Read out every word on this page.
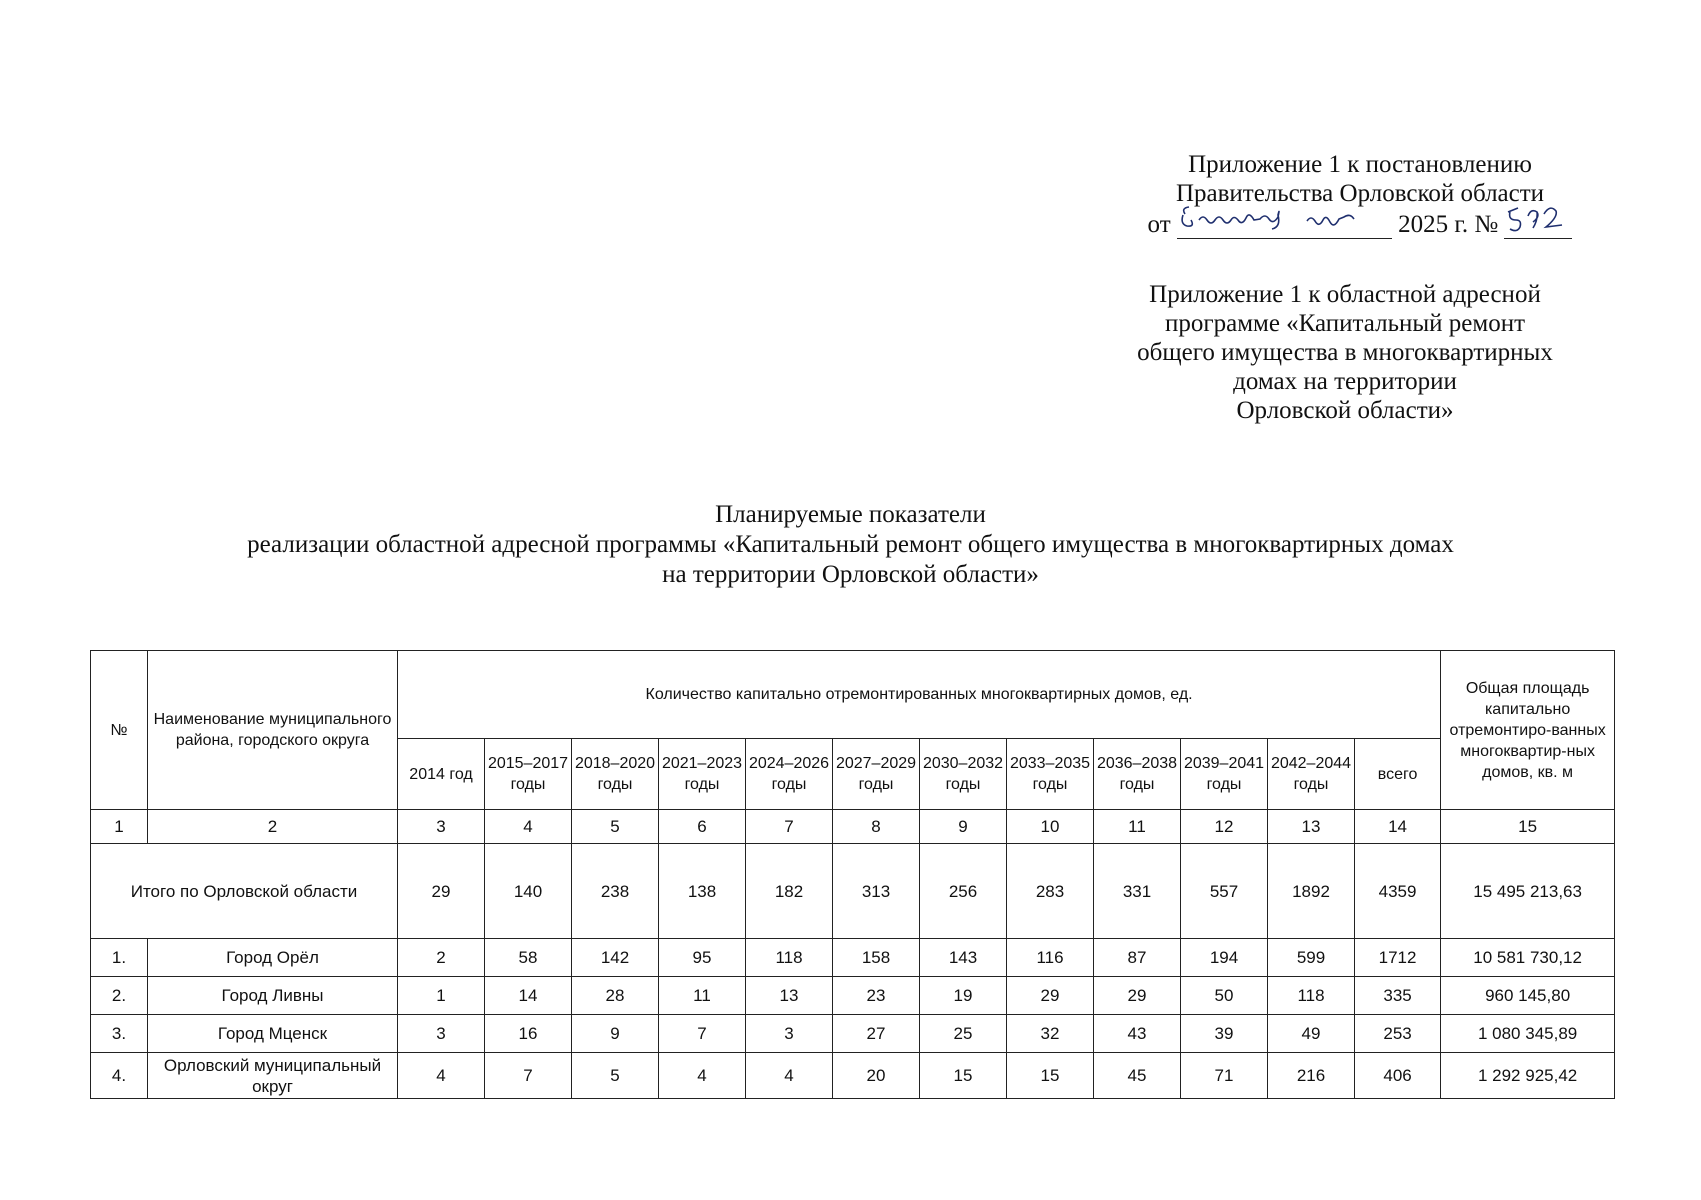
Приложение 1 к постановлению
Правительства Орловской области
от	2025 г. №
Приложение 1 к областной адресной
программе «Капитальный ремонт
общего имущества в многоквартирных
домах на территории
Орловской области»
Планируемые показатели
реализации областной адресной программы «Капитальный ремонт общего имущества в многоквартирных домах
на территории Орловской области»
№	Наименование муниципального района, городского округа	Количество капитально отремонтированных многоквартирных домов, ед.												Общая площадь капитально отремонтиро-ванных многоквартир-ных домов, кв. м
		2014 год	2015–2017 годы	2018–2020 годы	2021–2023 годы	2024–2026 годы	2027–2029 годы	2030–2032 годы	2033–2035 годы	2036–2038 годы	2039–2041 годы	2042–2044 годы	всего	
1	2	3	4	5	6	7	8	9	10	11	12	13	14	15
Итого по Орловской области		29	140	238	138	182	313	256	283	331	557	1892	4359	15 495 213,63
1.	Город Орёл	2	58	142	95	118	158	143	116	87	194	599	1712	10 581 730,12
2.	Город Ливны	1	14	28	11	13	23	19	29	29	50	118	335	960 145,80
3.	Город Мценск	3	16	9	7	3	27	25	32	43	39	49	253	1 080 345,89
4.	Орловский муниципальный округ	4	7	5	4	4	20	15	15	45	71	216	406	1 292 925,42
